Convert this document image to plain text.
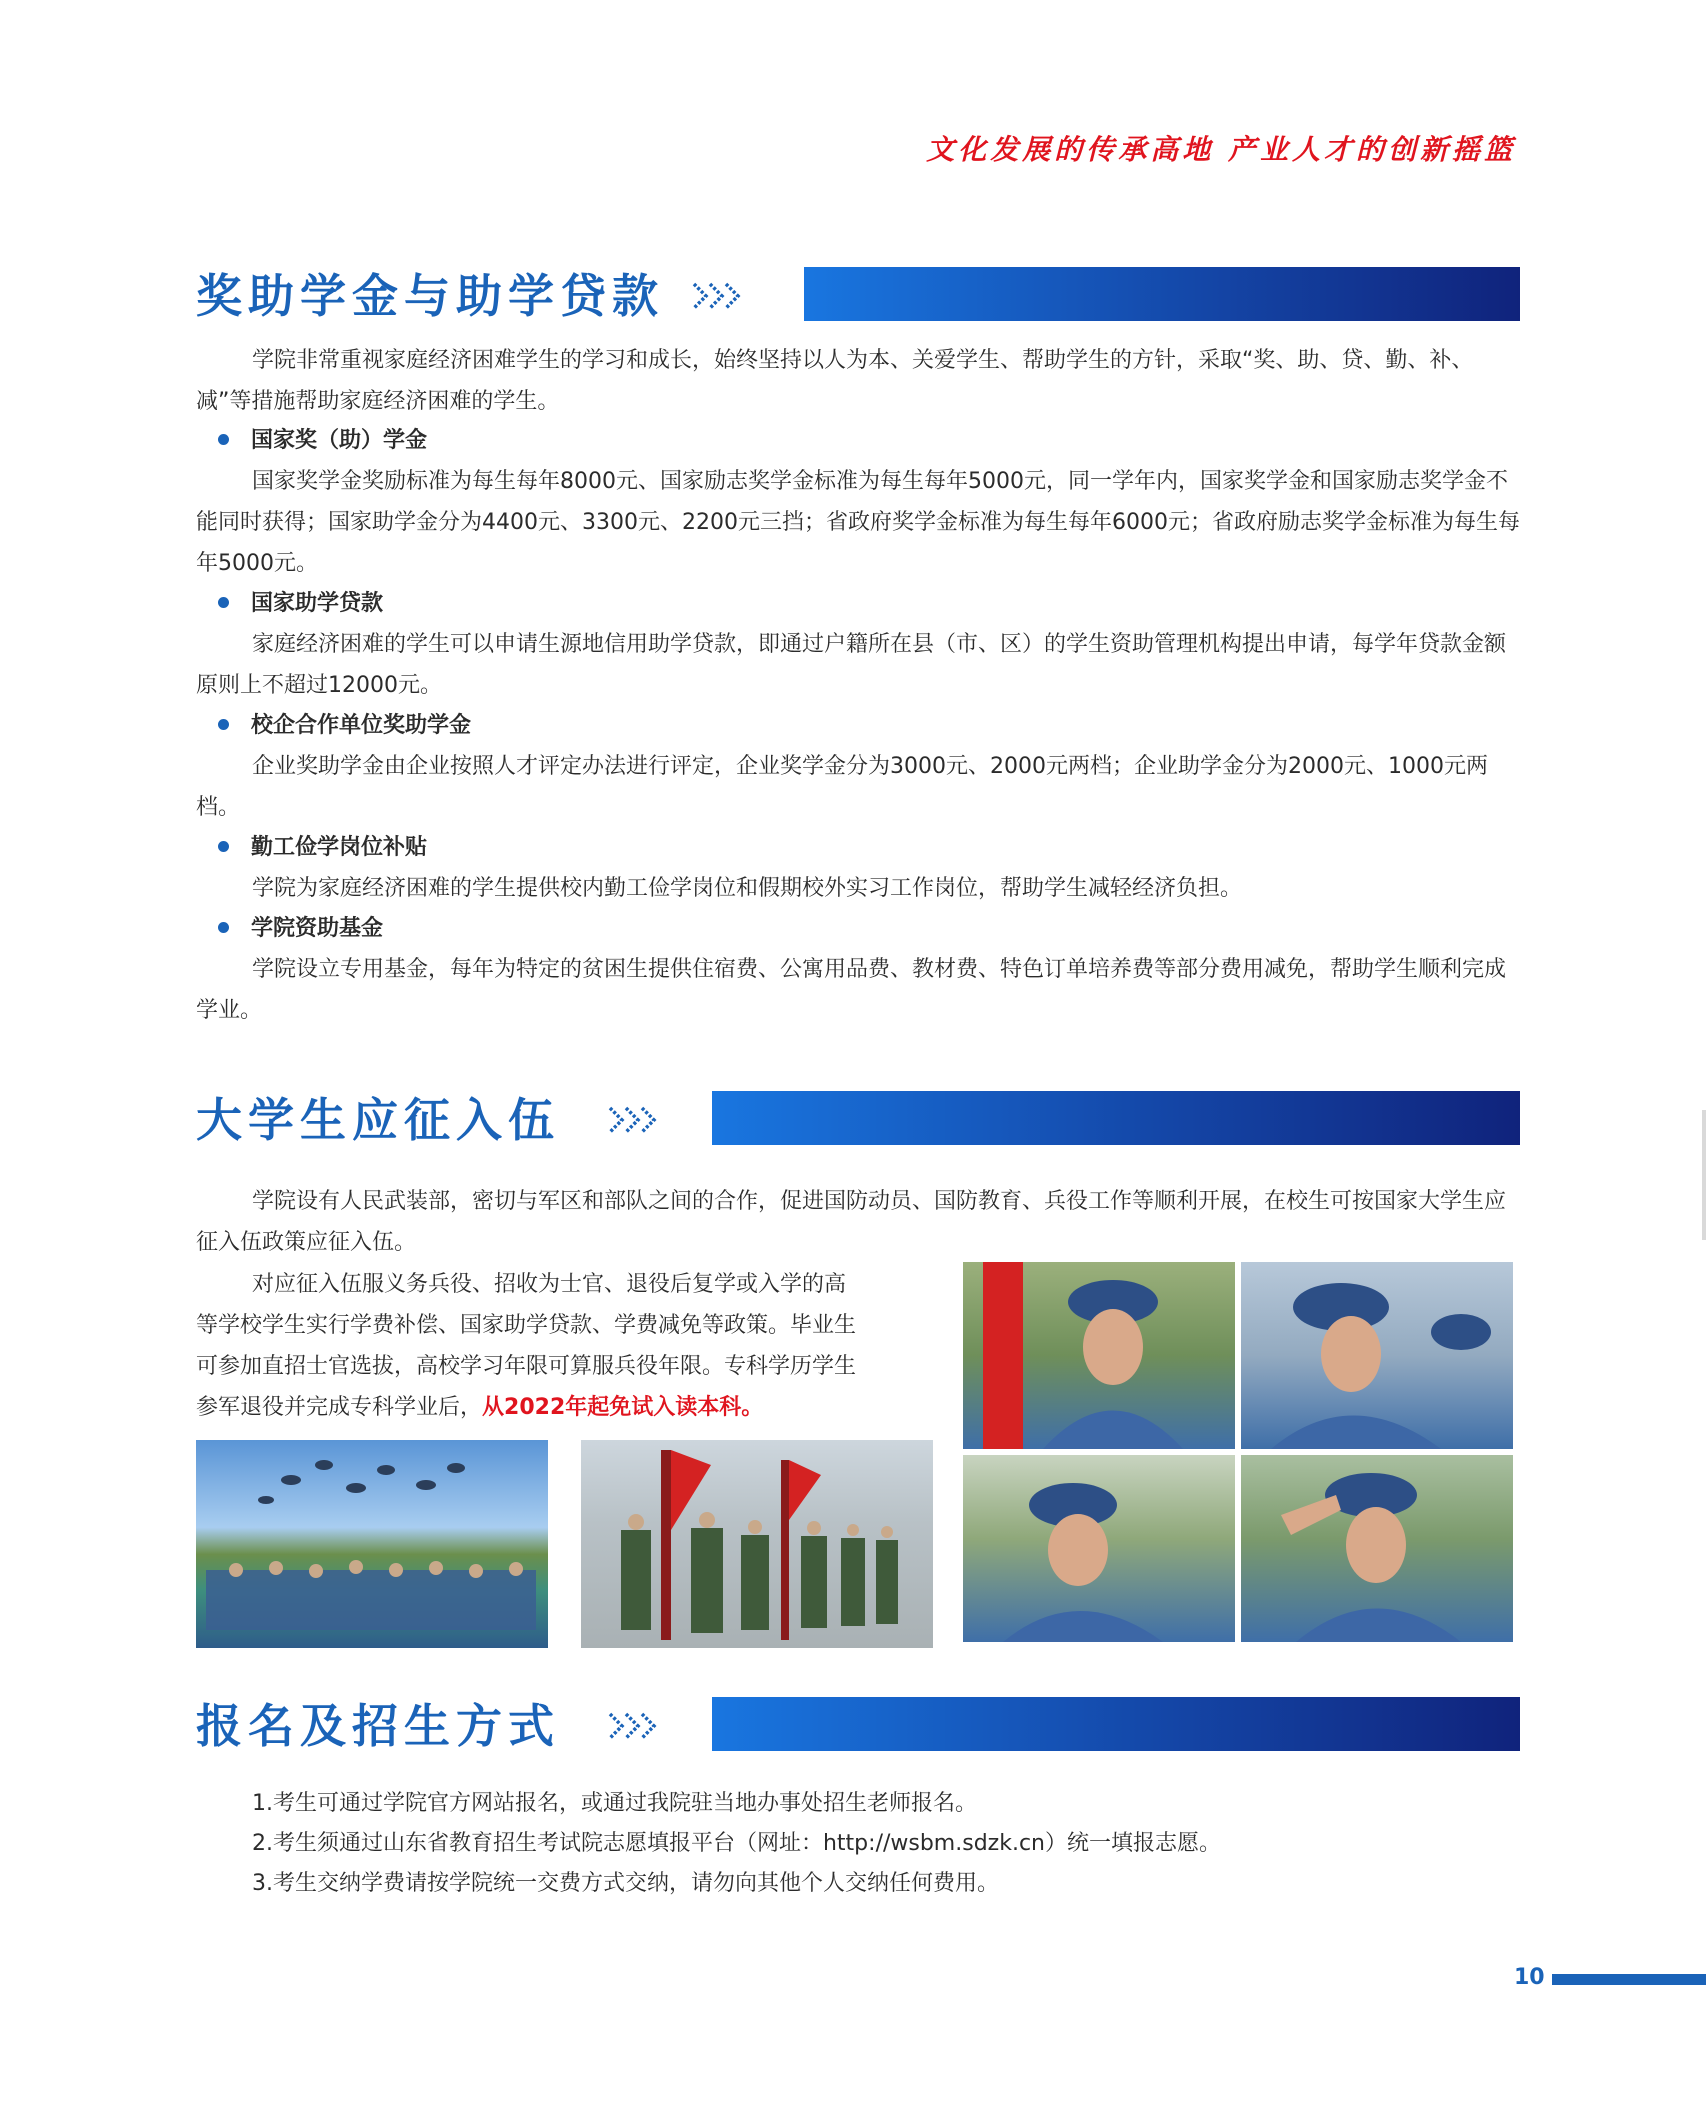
文化发展的传承高地 产业人才的创新摇篮
奖助学金与助学贷款

学院非常重视家庭经济困难学生的学习和成长，始终坚持以人为本、关爱学生、帮助学生的方针，采取“奖、助、贷、勤、补、减”等措施帮助家庭经济困难的学生。

国家奖（助）学金

国家奖学金奖励标准为每生每年8000元、国家励志奖学金标准为每生每年5000元，同一学年内，国家奖学金和国家励志奖学金不能同时获得；国家助学金分为4400元、3300元、2200元三挡；省政府奖学金标准为每生每年6000元；省政府励志奖学金标准为每生每年5000元。

国家助学贷款

家庭经济困难的学生可以申请生源地信用助学贷款，即通过户籍所在县（市、区）的学生资助管理机构提出申请，每学年贷款金额原则上不超过12000元。

校企合作单位奖助学金

企业奖助学金由企业按照人才评定办法进行评定，企业奖学金分为3000元、2000元两档；企业助学金分为2000元、1000元两档。

勤工俭学岗位补贴

学院为家庭经济困难的学生提供校内勤工俭学岗位和假期校外实习工作岗位，帮助学生减轻经济负担。

学院资助基金

学院设立专用基金，每年为特定的贫困生提供住宿费、公寓用品费、教材费、特色订单培养费等部分费用减免，帮助学生顺利完成学业。

大学生应征入伍

学院设有人民武装部，密切与军区和部队之间的合作，促进国防动员、国防教育、兵役工作等顺利开展，在校生可按国家大学生应征入伍政策应征入伍。

对应征入伍服义务兵役、招收为士官、退役后复学或入学的高
等学校学生实行学费补偿、国家助学贷款、学费减免等政策。毕业生
可参加直招士官选拔，高校学习年限可算服兵役年限。专科学历学生
参军退役并完成专科学业后，从2022年起免试入读本科。
报名及招生方式
1.考生可通过学院官方网站报名，或通过我院驻当地办事处招生老师报名。
2.考生须通过山东省教育招生考试院志愿填报平台（网址：http://wsbm.sdzk.cn）统一填报志愿。
3.考生交纳学费请按学院统一交费方式交纳，请勿向其他个人交纳任何费用。
10
